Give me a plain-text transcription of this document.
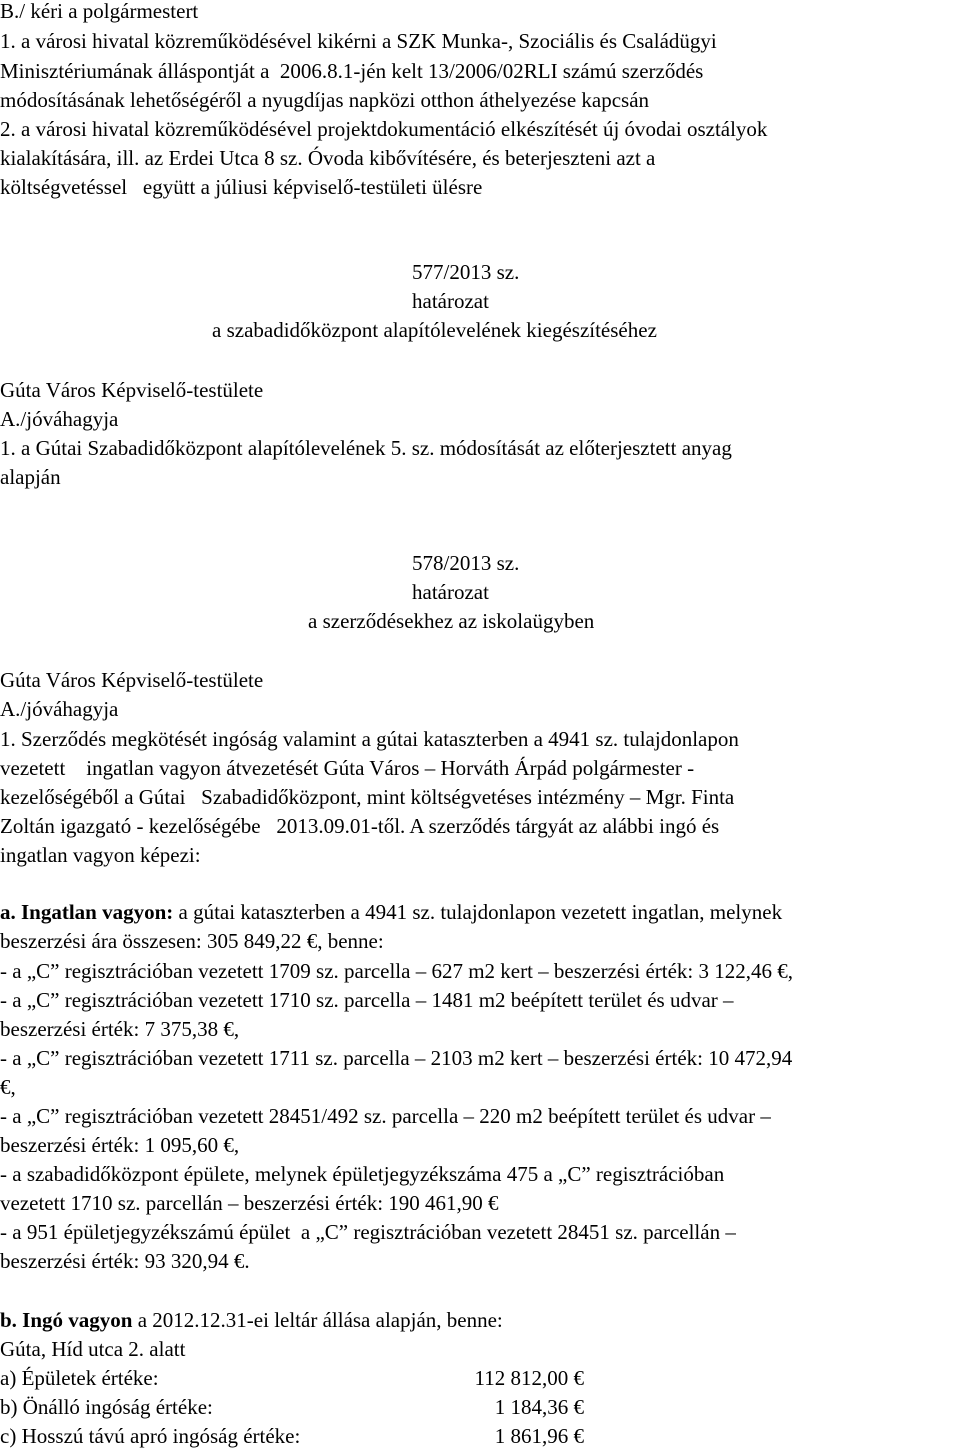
B./ kéri a polgármestert
1. a városi hivatal közreműködésével kikérni a SZK Munka-, Szociális és Családügyi
Minisztériumának álláspontját a  2006.8.1-jén kelt 13/2006/02RLI számú szerződés
módosításának lehetőségéről a nyugdíjas napközi otthon áthelyezése kapcsán
2. a városi hivatal közreműködésével projektdokumentáció elkészítését új óvodai osztályok
kialakítására, ill. az Erdei Utca 8 sz. Óvoda kibővítésére, és beterjeszteni azt a
költségvetéssel   együtt a júliusi képviselő-testületi ülésre
577/2013 sz.
határozat
a szabadidőközpont alapítólevelének kiegészítéséhez
Gúta Város Képviselő-testülete
A./jóváhagyja
1. a Gútai Szabadidőközpont alapítólevelének 5. sz. módosítását az előterjesztett anyag
alapján
578/2013 sz.
határozat
a szerződésekhez az iskolaügyben
Gúta Város Képviselő-testülete
A./jóváhagyja
1. Szerződés megkötését ingóság valamint a gútai kataszterben a 4941 sz. tulajdonlapon
vezetett    ingatlan vagyon átvezetését Gúta Város – Horváth Árpád polgármester -
kezelőségéből a Gútai   Szabadidőközpont, mint költségvetéses intézmény – Mgr. Finta
Zoltán igazgató - kezelőségébe   2013.09.01-től. A szerződés tárgyát az alábbi ingó és
ingatlan vagyon képezi:
a. Ingatlan vagyon: a gútai kataszterben a 4941 sz. tulajdonlapon vezetett ingatlan, melynek
beszerzési ára összesen: 305 849,22 €, benne:
- a „C” regisztrációban vezetett 1709 sz. parcella – 627 m2 kert – beszerzési érték: 3 122,46 €,
- a „C” regisztrációban vezetett 1710 sz. parcella – 1481 m2 beépített terület és udvar –
beszerzési érték: 7 375,38 €,
- a „C” regisztrációban vezetett 1711 sz. parcella – 2103 m2 kert – beszerzési érték: 10 472,94
€,
- a „C” regisztrációban vezetett 28451/492 sz. parcella – 220 m2 beépített terület és udvar –
beszerzési érték: 1 095,60 €,
- a szabadidőközpont épülete, melynek épületjegyzékszáma 475 a „C” regisztrációban
vezetett 1710 sz. parcellán – beszerzési érték: 190 461,90 €
- a 951 épületjegyzékszámú épület  a „C” regisztrációban vezetett 28451 sz. parcellán –
beszerzési érték: 93 320,94 €.
b. Ingó vagyon a 2012.12.31-ei leltár állása alapján, benne:
Gúta, Híd utca 2. alatt
a) Épületek értéke:	112 812,00 €
b) Önálló ingóság értéke:	1 184,36 €
c) Hosszú távú apró ingóság értéke:	1 861,96 €
